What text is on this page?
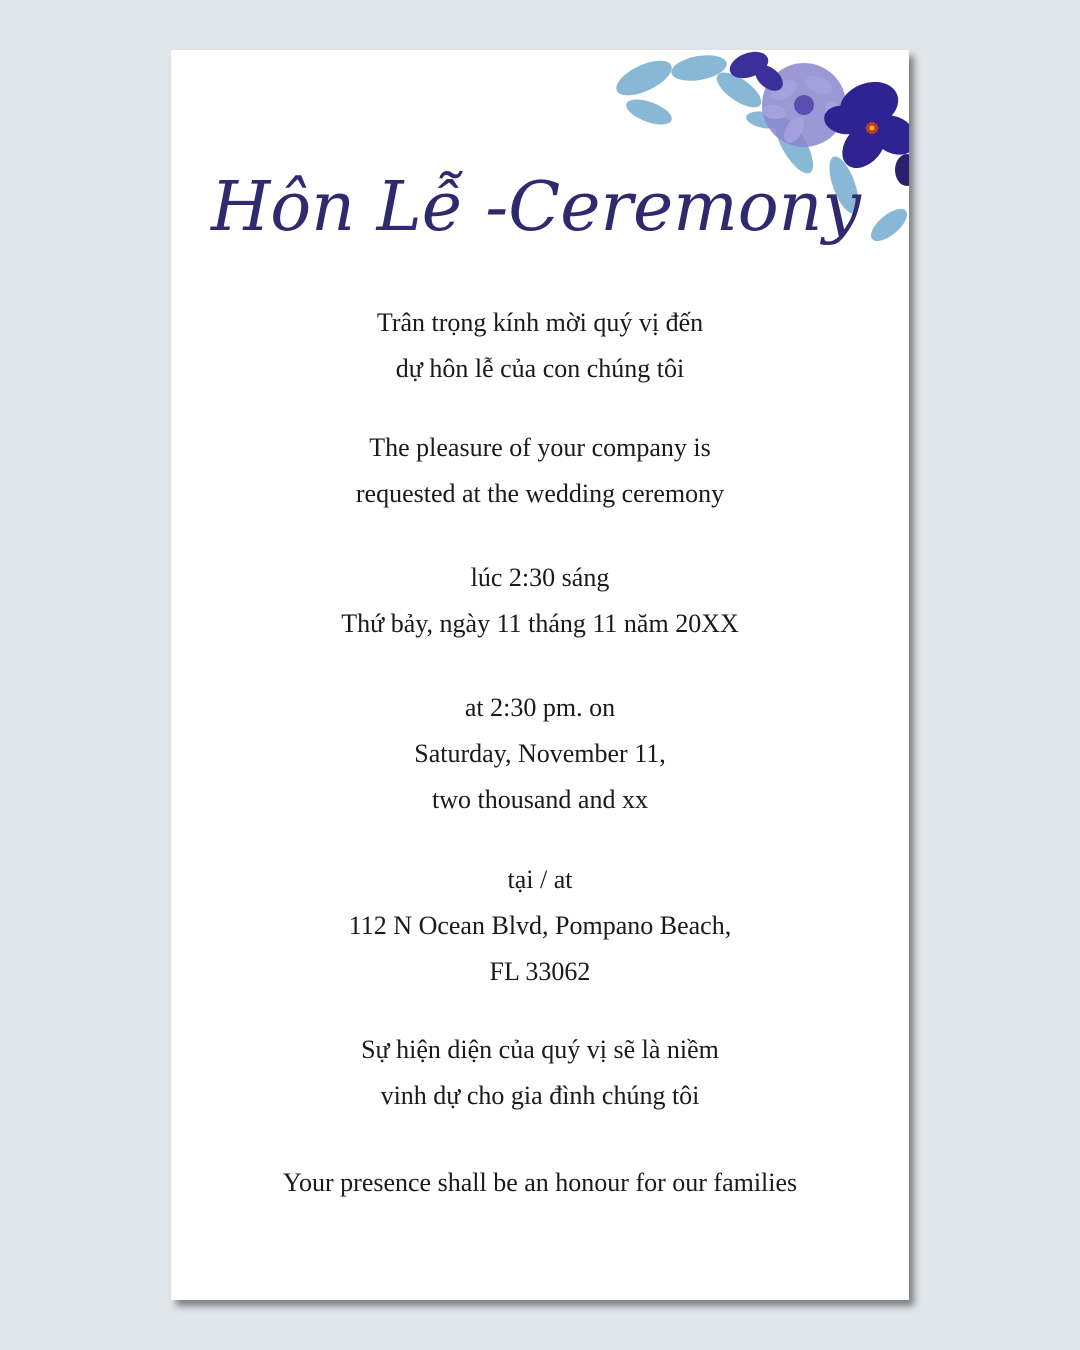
Hôn Lễ -Ceremony

Trân trọng kính mời quý vị đến

dự hôn lễ của con chúng tôi

The pleasure of your company is

requested at the wedding ceremony

lúc 2:30 sáng

Thứ bảy, ngày 11 tháng 11 năm 20XX

at 2:30 pm. on

Saturday, November 11,

two thousand and xx

tại / at

112 N Ocean Blvd, Pompano Beach,

FL 33062

Sự hiện diện của quý vị sẽ là niềm

vinh dự cho gia đình chúng tôi

Your presence shall be an honour for our families
